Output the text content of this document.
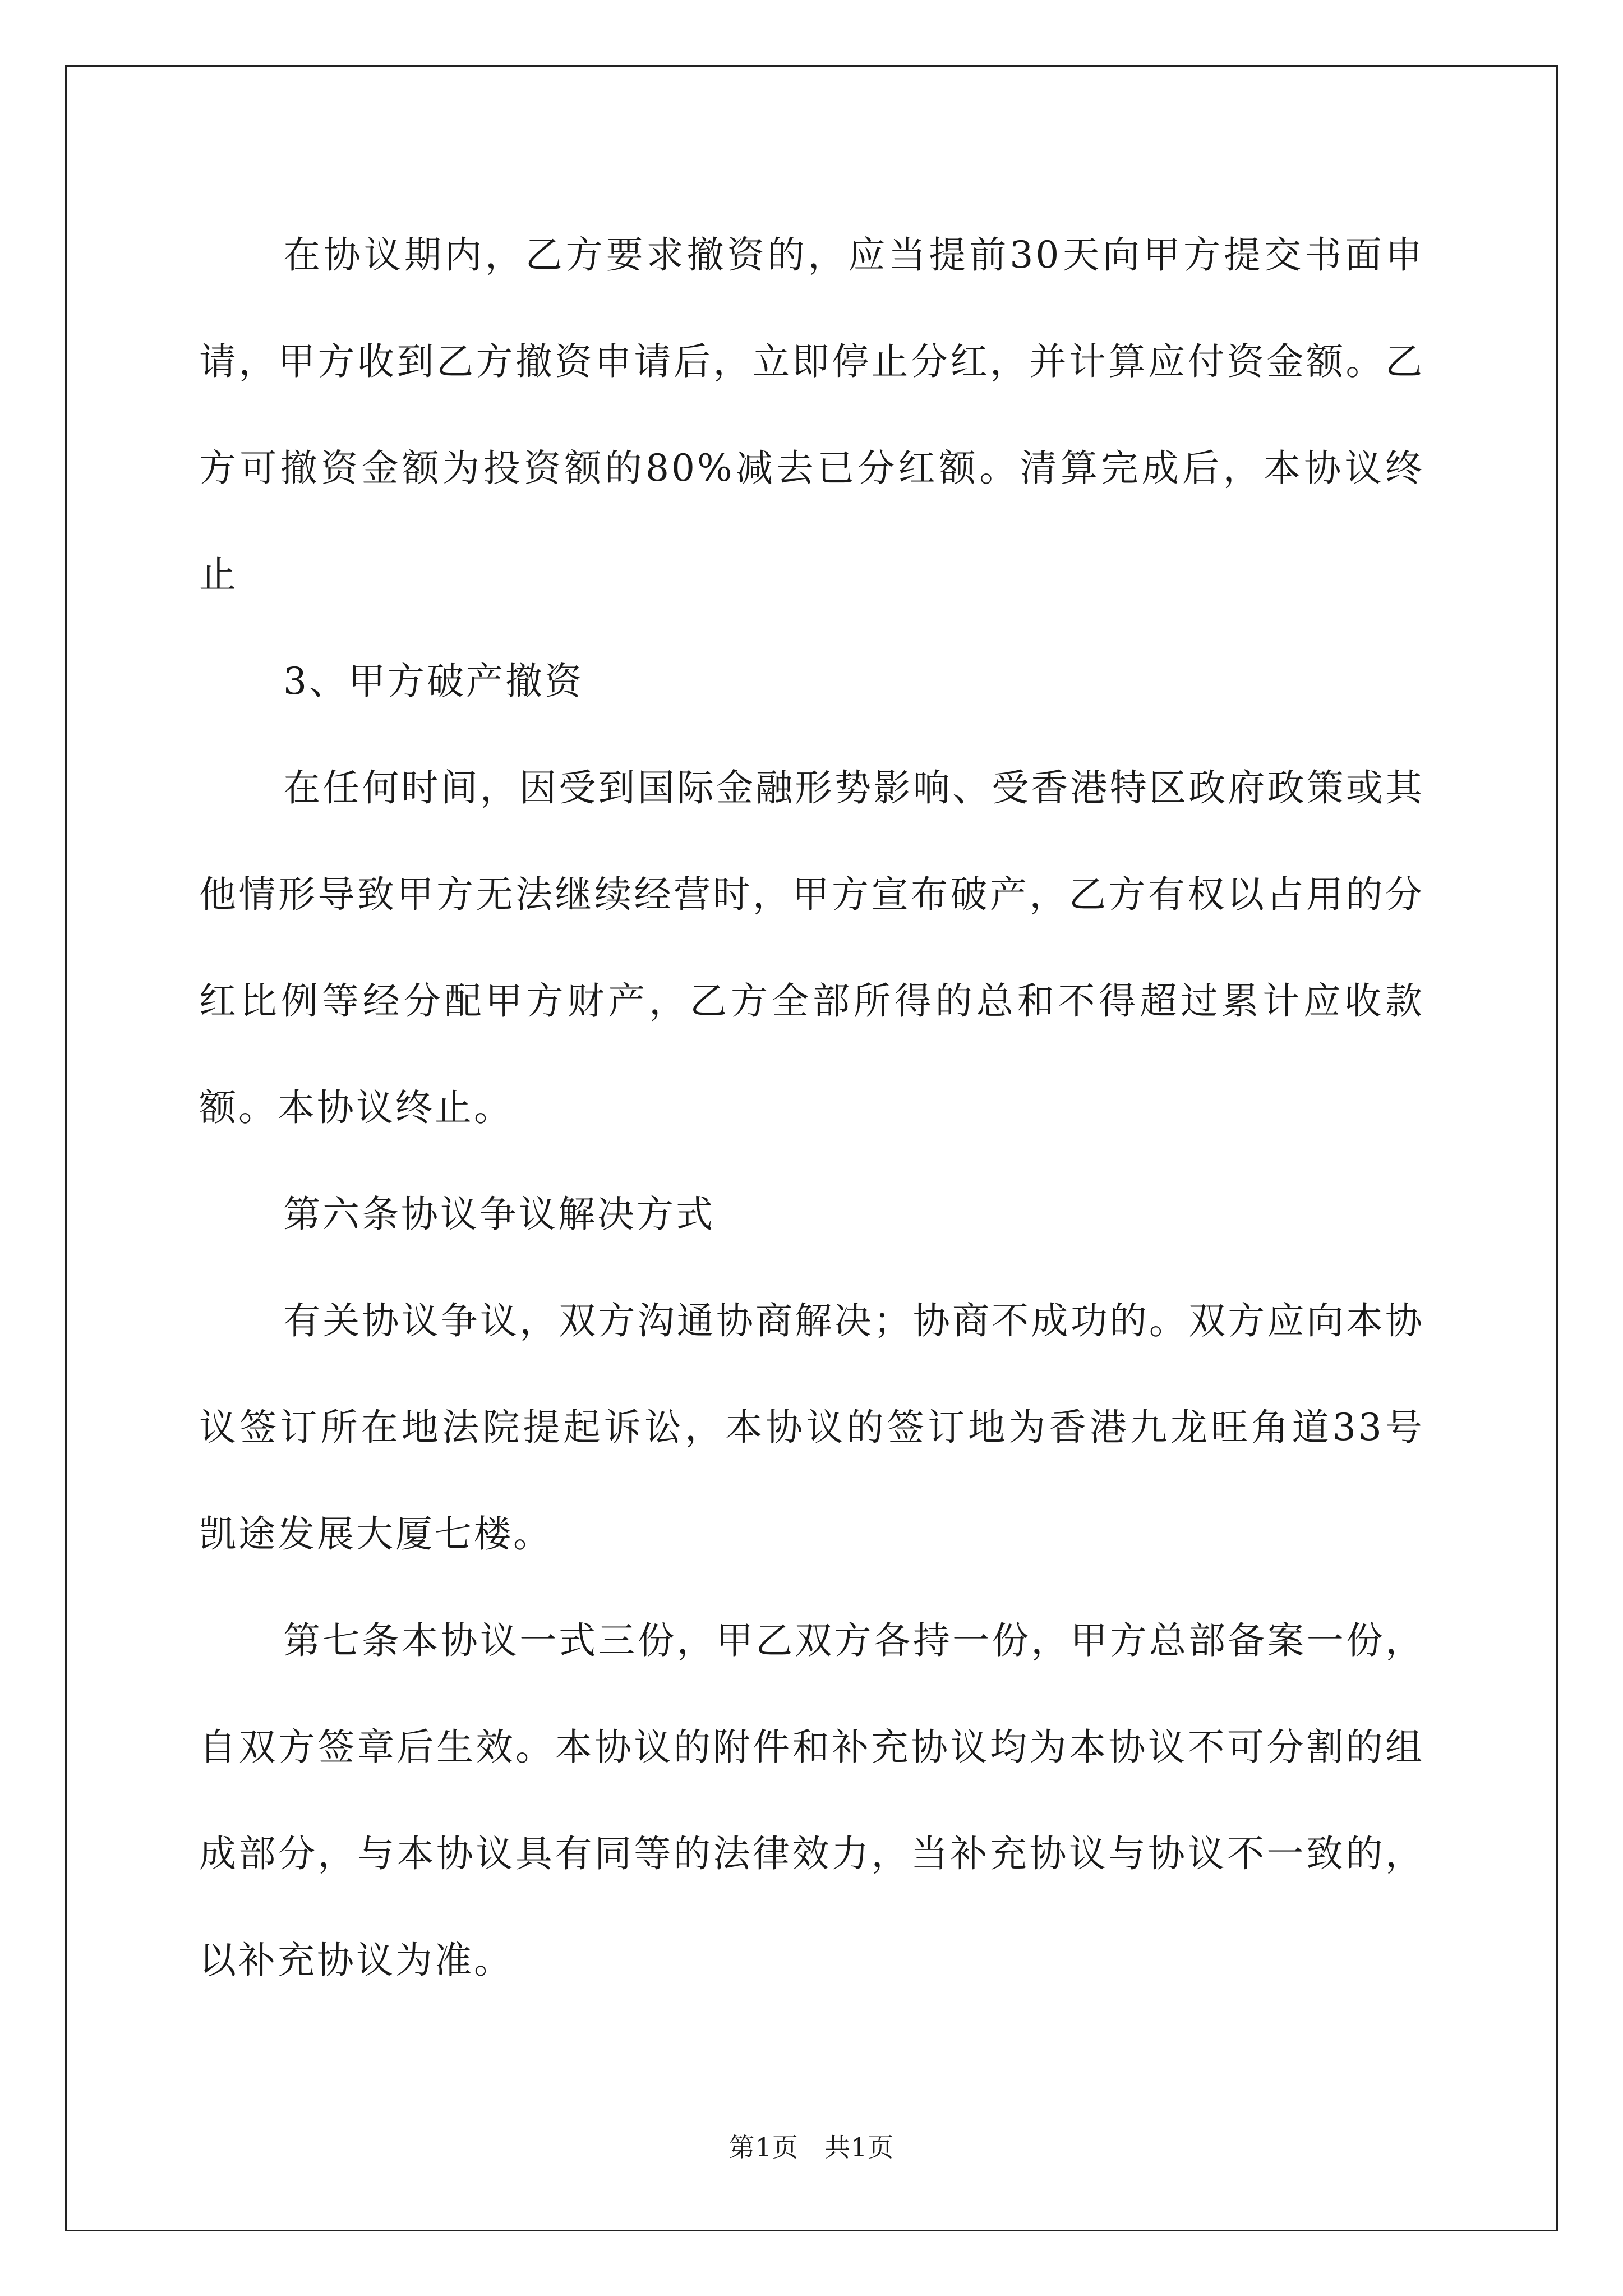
在协议期内，乙方要求撤资的，应当提前30天向甲方提交书面申请，甲方收到乙方撤资申请后，立即停止分红，并计算应付资金额。乙方可撤资金额为投资额的80%减去已分红额。清算完成后，本协议终止

3、甲方破产撤资

在任何时间，因受到国际金融形势影响、受香港特区政府政策或其他情形导致甲方无法继续经营时，甲方宣布破产，乙方有权以占用的分红比例等经分配甲方财产，乙方全部所得的总和不得超过累计应收款额。本协议终止。

第六条协议争议解决方式

有关协议争议，双方沟通协商解决；协商不成功的。双方应向本协议签订所在地法院提起诉讼，本协议的签订地为香港九龙旺角道33号凯途发展大厦七楼。

第七条本协议一式三份，甲乙双方各持一份，甲方总部备案一份，自双方签章后生效。本协议的附件和补充协议均为本协议不可分割的组成部分，与本协议具有同等的法律效力，当补充协议与协议不一致的，以补充协议为准。

第1页 共1页
